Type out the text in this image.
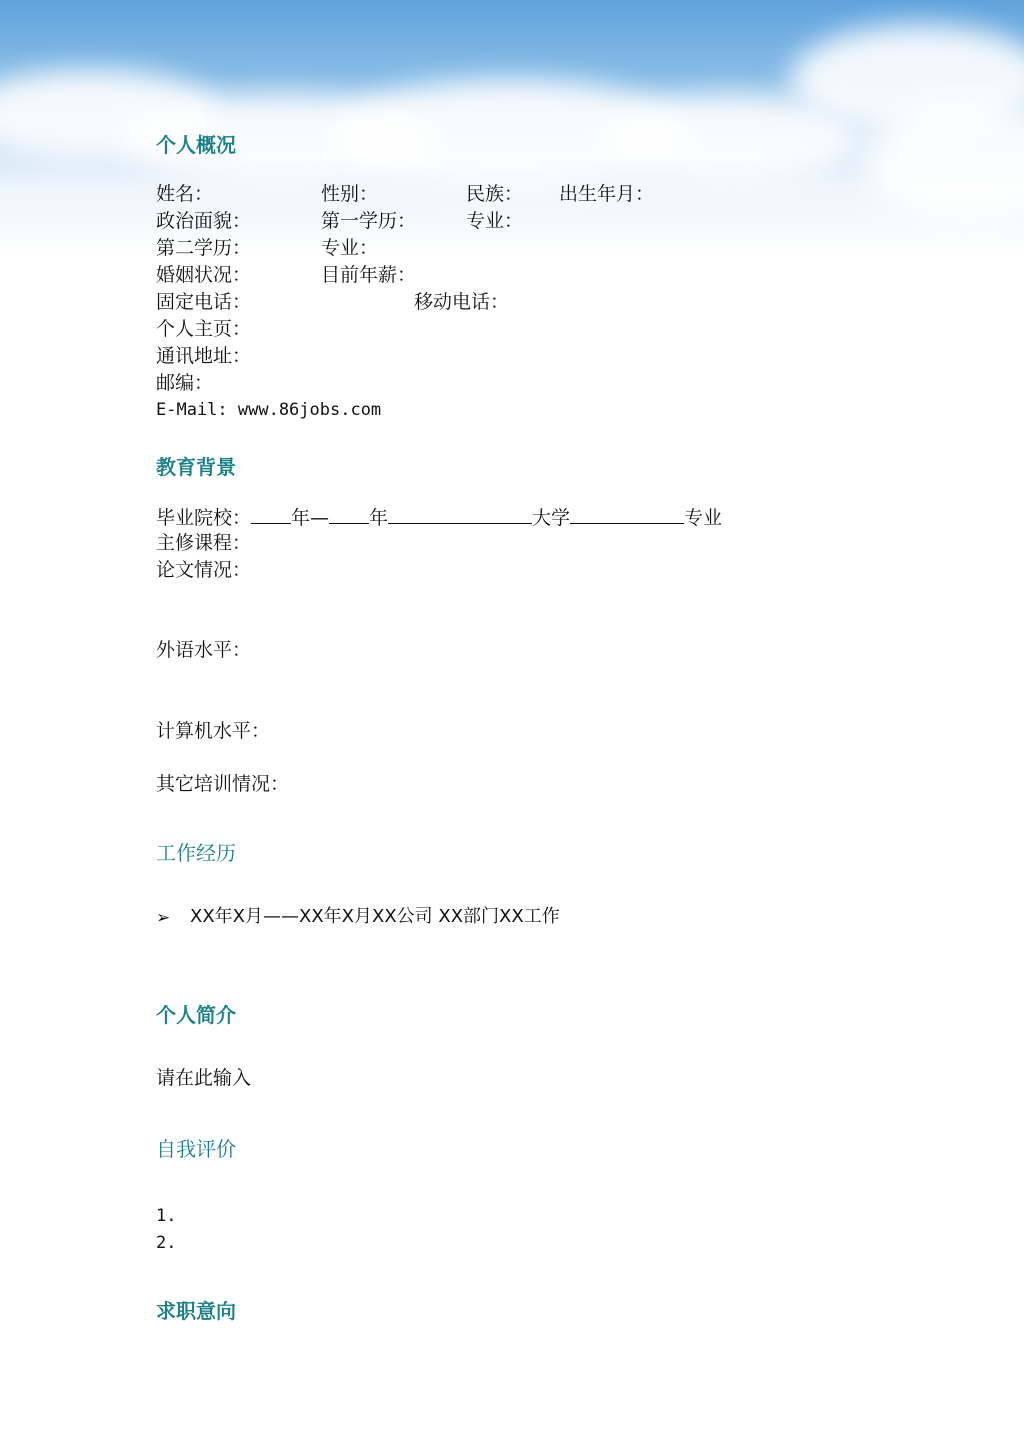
个人概况
姓名：	性别：	民族： 出生年月：
政治面貌：	第一学历：	专业：
第二学历：	专业：
婚姻状况：	目前年薪：
固定电话：	移动电话：
个人主页：
通讯地址：
邮编：
E-Mail: www.86jobs.com
教育背景
毕业院校： 年— 年	大学	专业
主修课程：
论文情况：
外语水平：
计算机水平：
其它培训情况：
工作经历
➢ XX年X月——XX年X月XX公司 XX部门XX工作
个人简介
请在此输入
自我评价
1.
2.
求职意向
